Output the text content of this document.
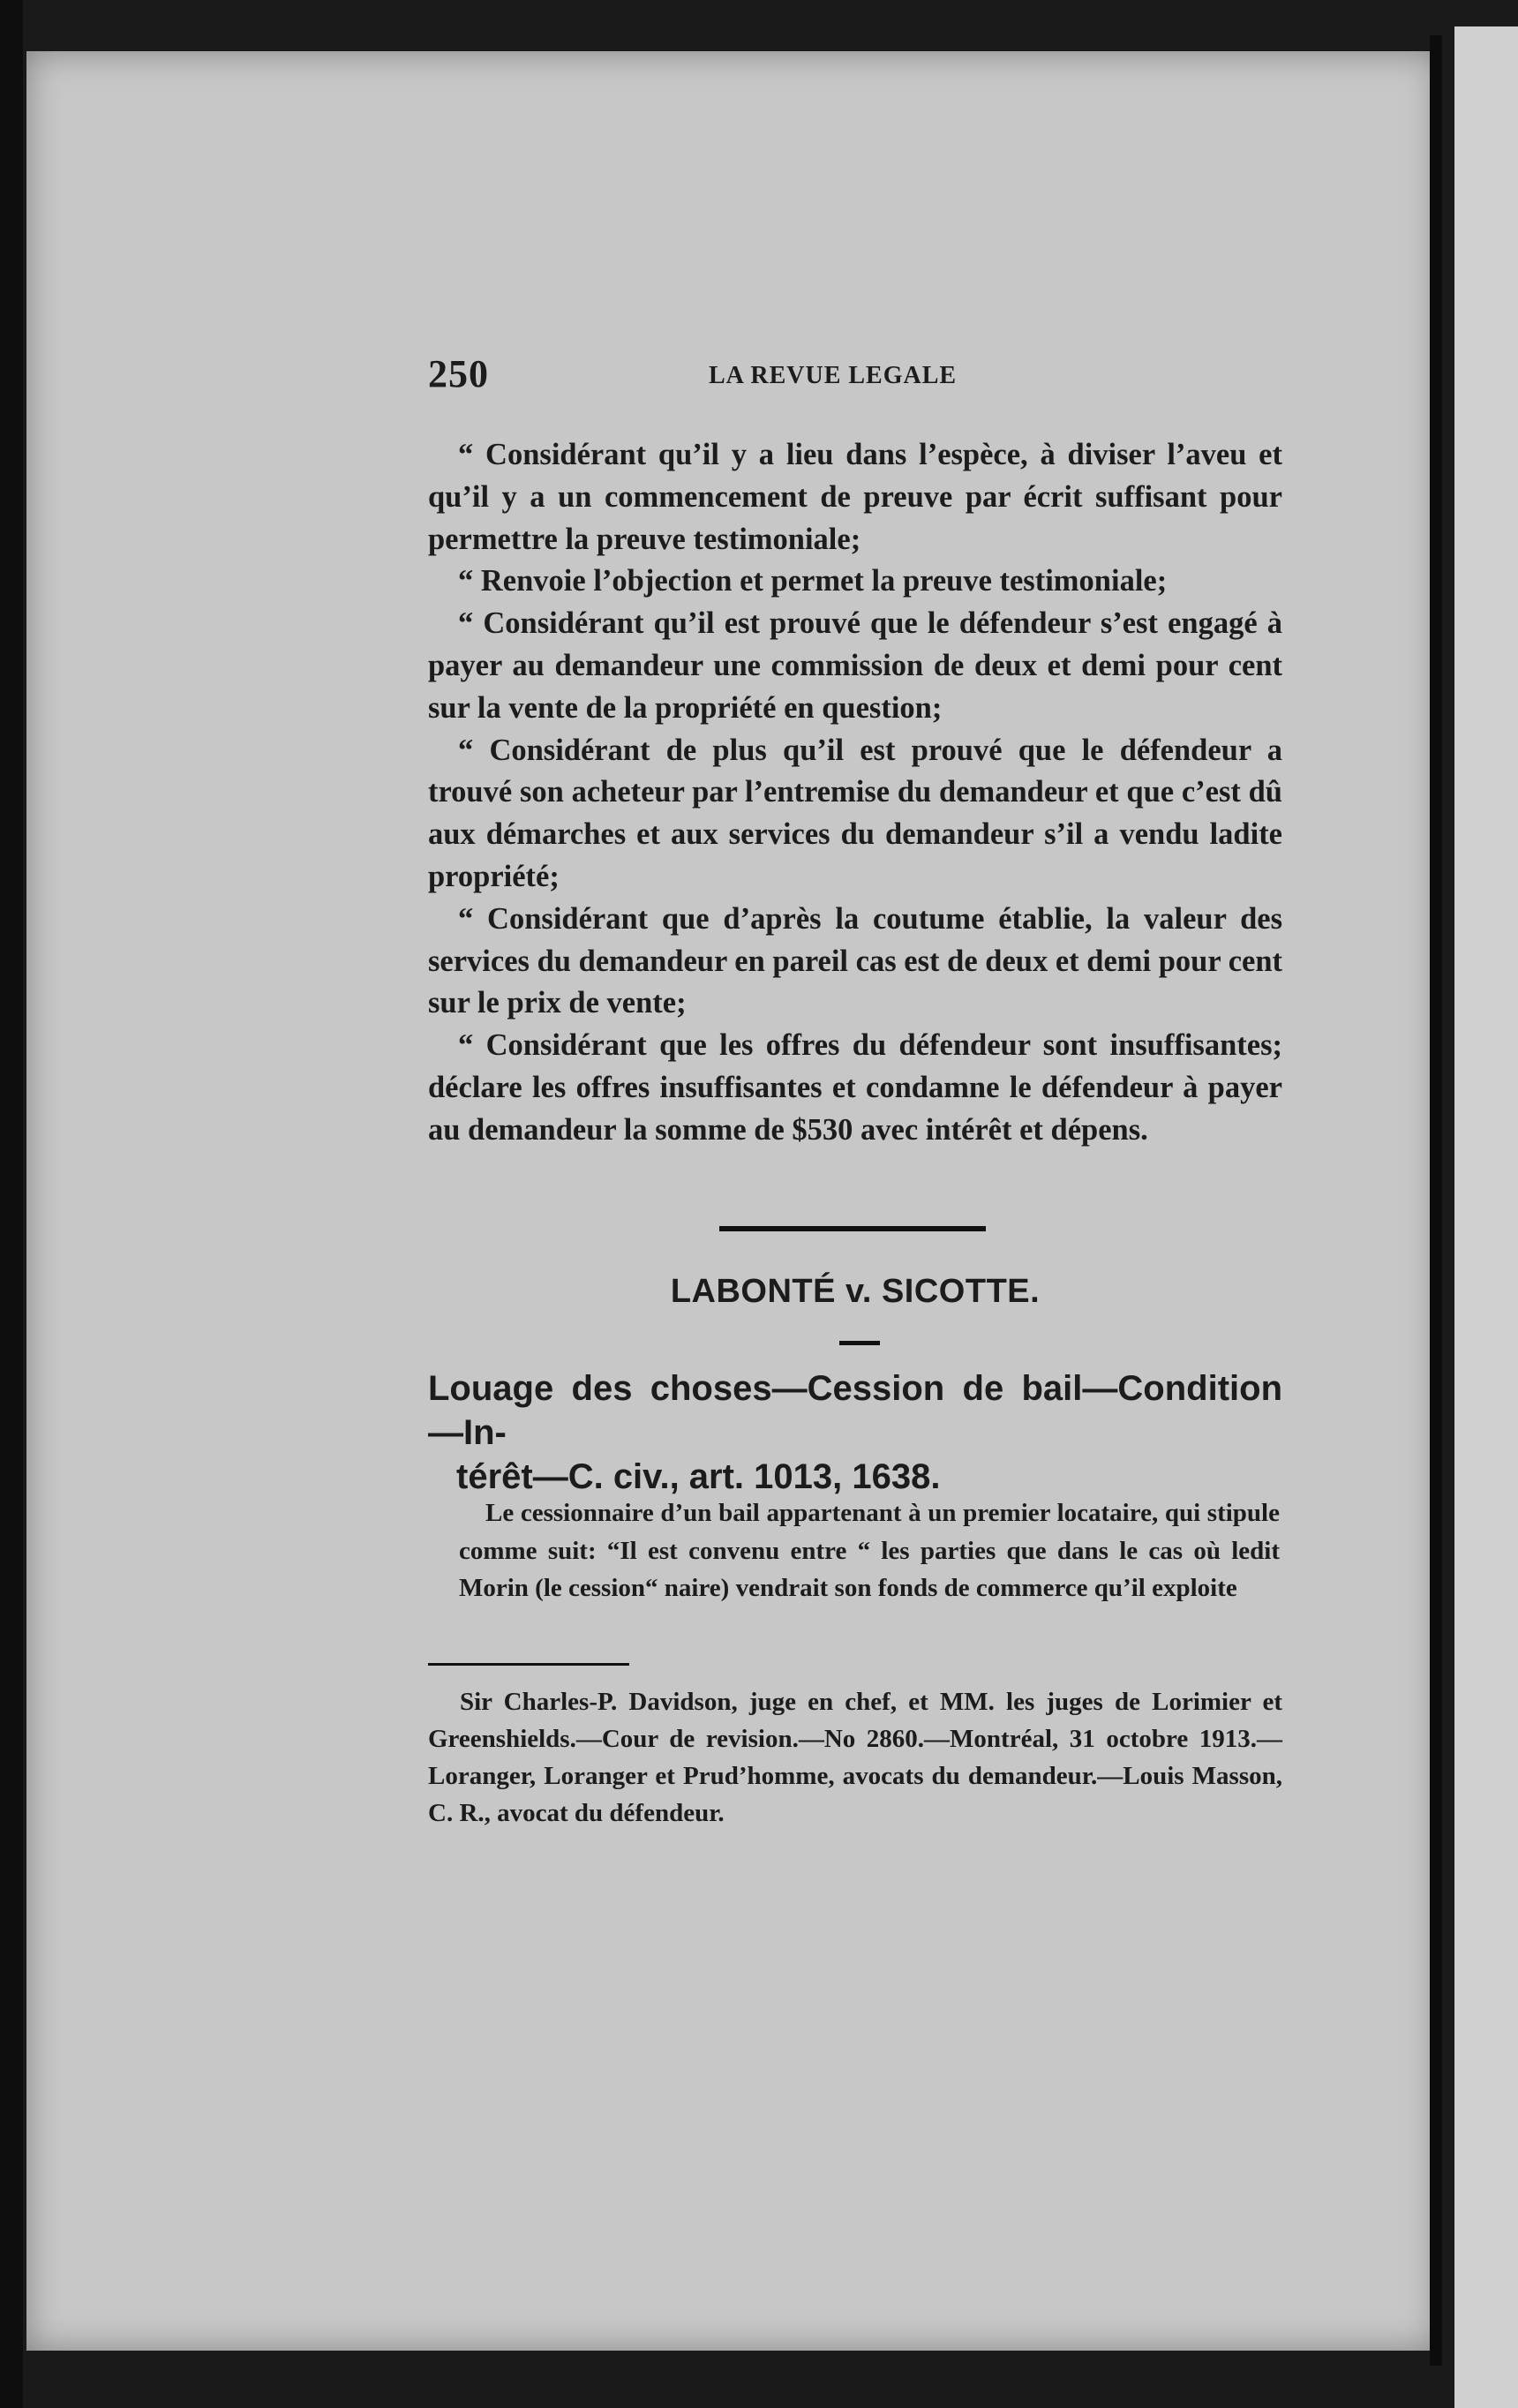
250	LA REVUE LEGALE

“ Considérant qu’il y a lieu dans l’espèce, à diviser l’aveu et qu’il y a un commencement de preuve par écrit suffisant pour permettre la preuve testimoniale;

“ Renvoie l’objection et permet la preuve testimoniale;

“ Considérant qu’il est prouvé que le défendeur s’est engagé à payer au demandeur une commission de deux et demi pour cent sur la vente de la propriété en question;

“ Considérant de plus qu’il est prouvé que le défendeur a trouvé son acheteur par l’entremise du demandeur et que c’est dû aux démarches et aux services du demandeur s’il a vendu ladite propriété;

“ Considérant que d’après la coutume établie, la valeur des services du demandeur en pareil cas est de deux et demi pour cent sur le prix de vente;

“ Considérant que les offres du défendeur sont insuffisantes; déclare les offres insuffisantes et condamne le défendeur à payer au demandeur la somme de $530 avec intérêt et dépens.

LABONTÉ v. SICOTTE.
Louage des choses—Cession de bail—Condition—In-
térêt—C. civ., art. 1013, 1638.
Le cessionnaire d’un bail appartenant à un premier locataire, qui stipule comme suit: “Il est convenu entre “ les parties que dans le cas où ledit Morin (le cession“ naire) vendrait son fonds de commerce qu’il exploite
Sir Charles-P. Davidson, juge en chef, et MM. les juges de Lorimier et Greenshields.—Cour de revision.—No 2860.—Montréal, 31 octobre 1913.—Loranger, Loranger et Prud’homme, avocats du demandeur.—Louis Masson, C. R., avocat du défendeur.
